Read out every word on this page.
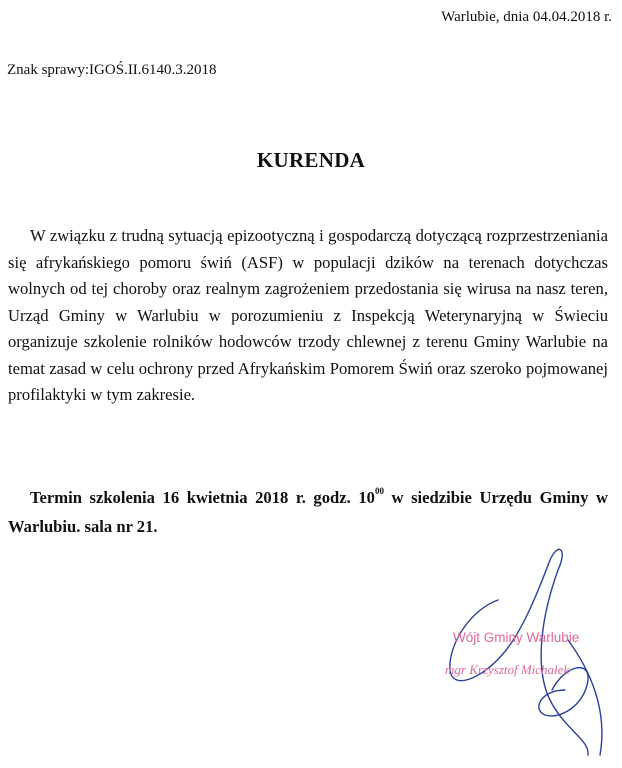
Warlubie, dnia 04.04.2018 r.
Znak sprawy:IGOŚ.II.6140.3.2018
KURENDA

W związku z trudną sytuacją epizootyczną i gospodarczą dotyczącą rozprzestrzeniania się afrykańskiego pomoru świń (ASF) w populacji dzików na terenach dotychczas wolnych od tej choroby oraz realnym zagrożeniem przedostania się wirusa na nasz teren, Urząd Gminy w Warlubiu w porozumieniu z Inspekcją Weterynaryjną w Świeciu organizuje szkolenie rolników hodowców trzody chlewnej z terenu Gminy Warlubie na temat zasad w celu ochrony przed Afrykańskim Pomorem Świń oraz szeroko pojmowanej profilaktyki w tym zakresie.

Termin szkolenia 16 kwietnia 2018 r. godz. $10^{00}$ w siedzibie Urzędu Gminy w Warlubiu. sala nr 21.

Wójt Gminy Warlubie
mgr Krzysztof Michałek
